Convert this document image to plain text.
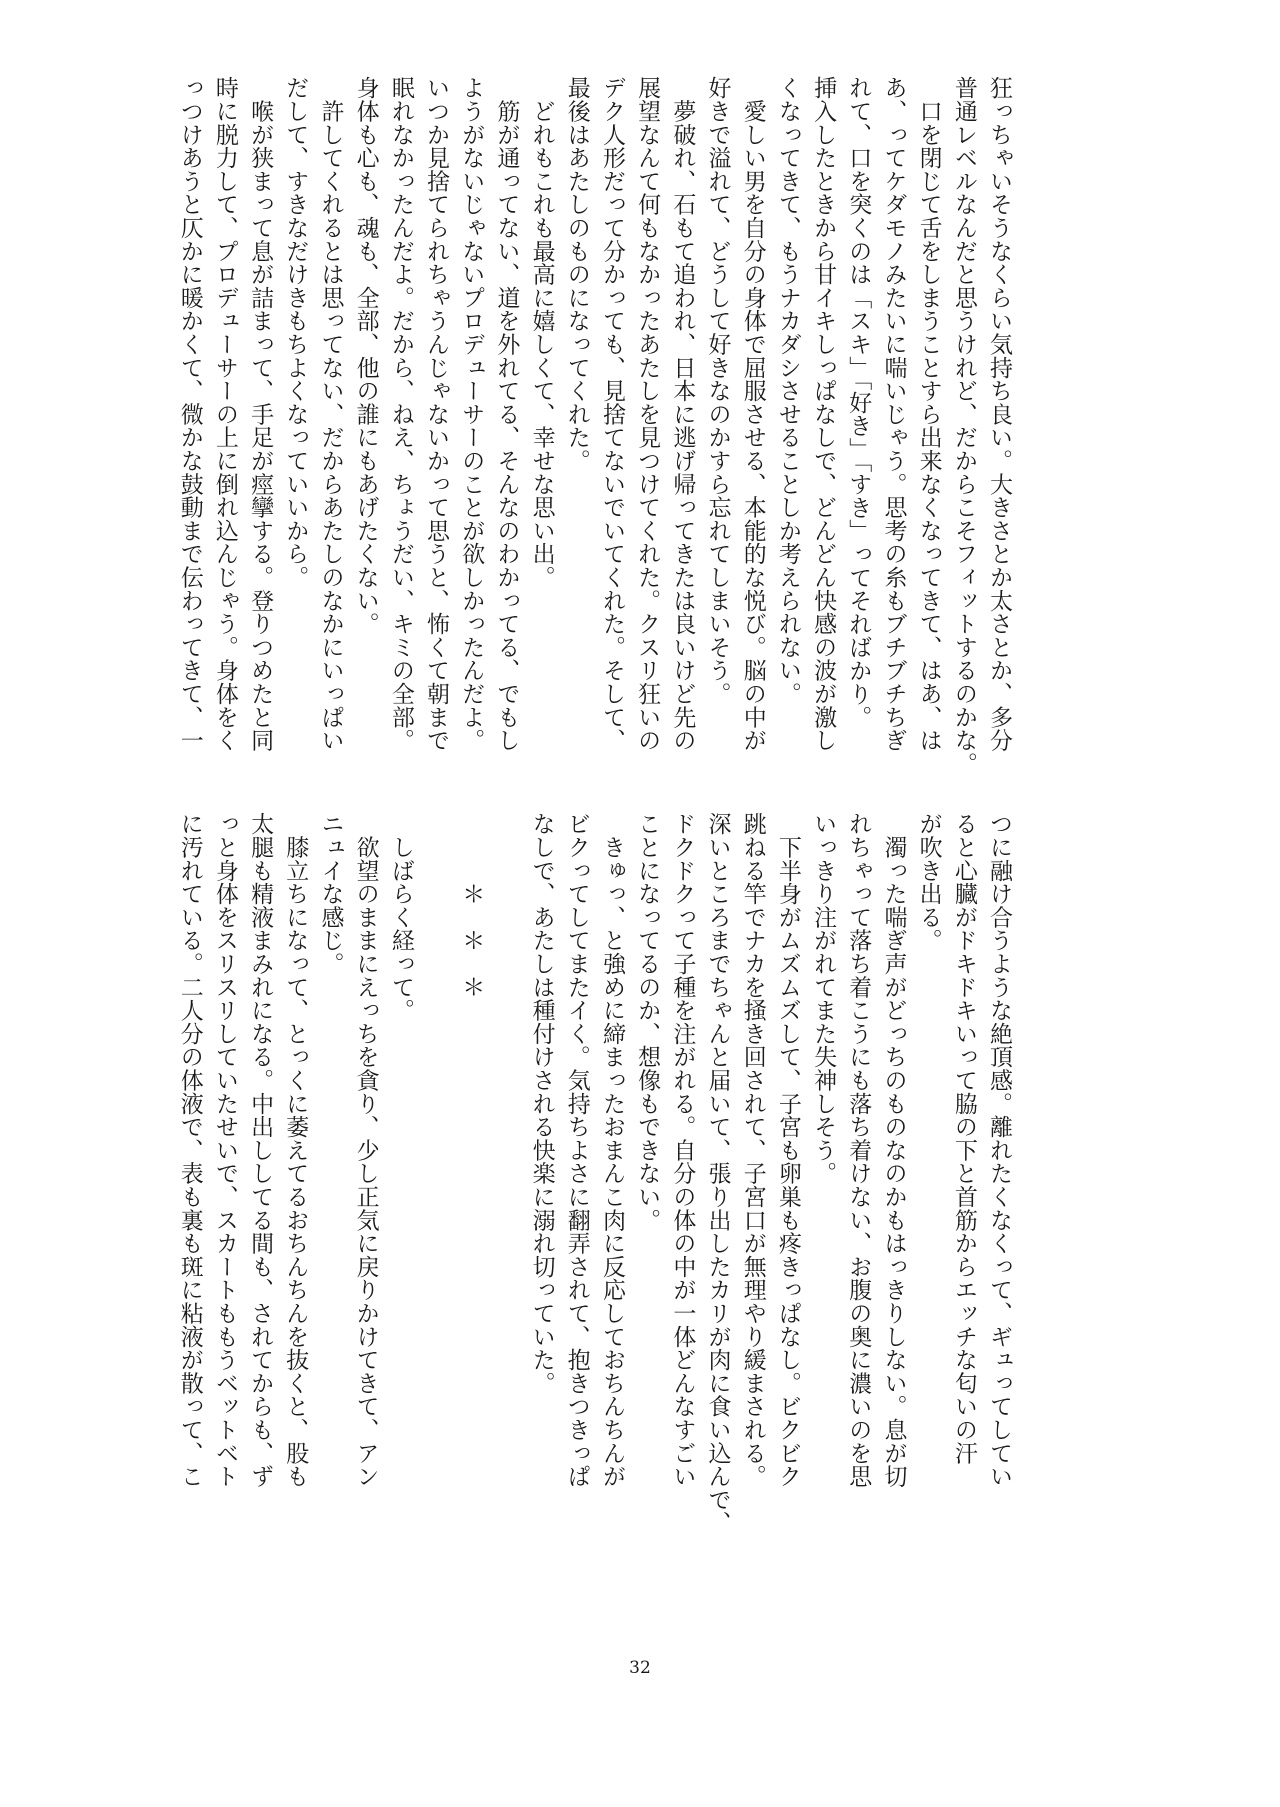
狂っちゃいそうなくらい気持ち良い。大きさとか太さとか、多分
普通レベルなんだと思うけれど、だからこそフィットするのかな。
　口を閉じて舌をしまうことすら出来なくなってきて、はあ、は
あ、ってケダモノみたいに喘いじゃう。思考の糸もブチブチちぎ
れて、口を突くのは「スキ」「好き」「すき」ってそればかり。
挿入したときから甘イキしっぱなしで、どんどん快感の波が激し
くなってきて、もうナカダシさせることしか考えられない。
　愛しい男を自分の身体で屈服させる、本能的な悦び。脳の中が
好きで溢れて、どうして好きなのかすら忘れてしまいそう。
　夢破れ、石もて追われ、日本に逃げ帰ってきたは良いけど先の
展望なんて何もなかったあたしを見つけてくれた。クスリ狂いの
デク人形だって分かっても、見捨てないでいてくれた。そして、
最後はあたしのものになってくれた。
　どれもこれも最高に嬉しくて、幸せな思い出。
　筋が通ってない、道を外れてる、そんなのわかってる、でもし
ようがないじゃないプロデューサーのことが欲しかったんだよ。
いつか見捨てられちゃうんじゃないかって思うと、怖くて朝まで
眠れなかったんだよ。だから、ねえ、ちょうだい、キミの全部。
身体も心も、魂も、全部、他の誰にもあげたくない。
　許してくれるとは思ってない、だからあたしのなかにいっぱい
だして、すきなだけきもちよくなっていいから。
　喉が狭まって息が詰まって、手足が痙攣する。登りつめたと同
時に脱力して、プロデューサーの上に倒れ込んじゃう。身体をく
っつけあうと仄かに暖かくて、微かな鼓動まで伝わってきて、一
つに融け合うような絶頂感。離れたくなくって、ギュってしてい
ると心臓がドキドキいって脇の下と首筋からエッチな匂いの汗
が吹き出る。
　濁った喘ぎ声がどっちのものなのかもはっきりしない。息が切
れちゃって落ち着こうにも落ち着けない、お腹の奥に濃いのを思
いっきり注がれてまた失神しそう。
　下半身がムズムズして、子宮も卵巣も疼きっぱなし。ビクビク
跳ねる竿でナカを掻き回されて、子宮口が無理やり緩まされる。
深いところまでちゃんと届いて、張り出したカリが肉に食い込んで、
ドクドクって子種を注がれる。自分の体の中が一体どんなすごい
ことになってるのか、想像もできない。
　きゅっ、と強めに締まったおまんこ肉に反応しておちんちんが
ビクってしてまたイく。気持ちよさに翻弄されて、抱きつきっぱ
なしで、あたしは種付けされる快楽に溺れ切っていた。
　　　＊　＊　＊
　しばらく経って。
　欲望のままにえっちを貪り、少し正気に戻りかけてきて、アン
ニュイな感じ。
　膝立ちになって、とっくに萎えてるおちんちんを抜くと、股も
太腿も精液まみれになる。中出ししてる間も、されてからも、ず
っと身体をスリスリしていたせいで、スカートももうベットベト
に汚れている。二人分の体液で、表も裏も斑に粘液が散って、こ
32
